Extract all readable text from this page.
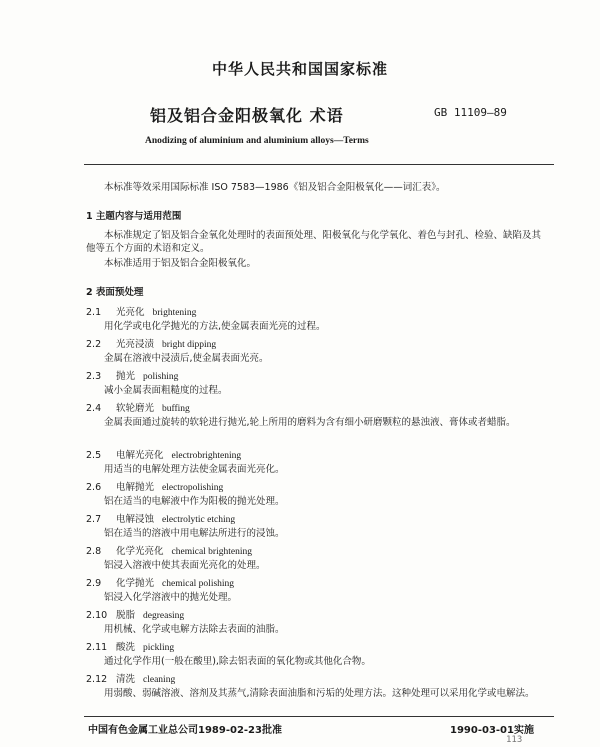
中华人民共和国国家标准
铝及铝合金阳极氧化 术语	GB 11109—89
Anodizing of aluminium and aluminium alloys—Terms
本标准等效采用国际标准 ISO 7583—1986《铝及铝合金阳极氧化——词汇表》。
1 主题内容与适用范围
本标准规定了铝及铝合金氧化处理时的表面预处理、阳极氧化与化学氧化、着色与封孔、检验、缺陷及其他等五个方面的术语和定义。
本标准适用于铝及铝合金阳极氧化。
2 表面预处理
2.1 光亮化 brightening
用化学或电化学抛光的方法,使金属表面光亮的过程。
2.2 光亮浸渍 bright dipping
金属在溶液中浸渍后,使金属表面光亮。
2.3 抛光 polishing
减小金属表面粗糙度的过程。
2.4 软轮磨光 buffing
金属表面通过旋转的软轮进行抛光,轮上所用的磨料为含有细小研磨颗粒的悬浊液、膏体或者蜡脂。
2.5 电解光亮化 electrobrightening
用适当的电解处理方法使金属表面光亮化。
2.6 电解抛光 electropolishing
铝在适当的电解液中作为阳极的抛光处理。
2.7 电解浸蚀 electrolytic etching
铝在适当的溶液中用电解法所进行的浸蚀。
2.8 化学光亮化 chemical brightening
铝浸入溶液中使其表面光亮化的处理。
2.9 化学抛光 chemical polishing
铝浸入化学溶液中的抛光处理。
2.10 脱脂 degreasing
用机械、化学或电解方法除去表面的油脂。
2.11 酸洗 pickling
通过化学作用(一般在酸里),除去铝表面的氧化物或其他化合物。
2.12 清洗 cleaning
用弱酸、弱碱溶液、溶剂及其蒸气,清除表面油脂和污垢的处理方法。这种处理可以采用化学或电解法。
中国有色金属工业总公司1989-02-23批准	1990-03-01实施
113
